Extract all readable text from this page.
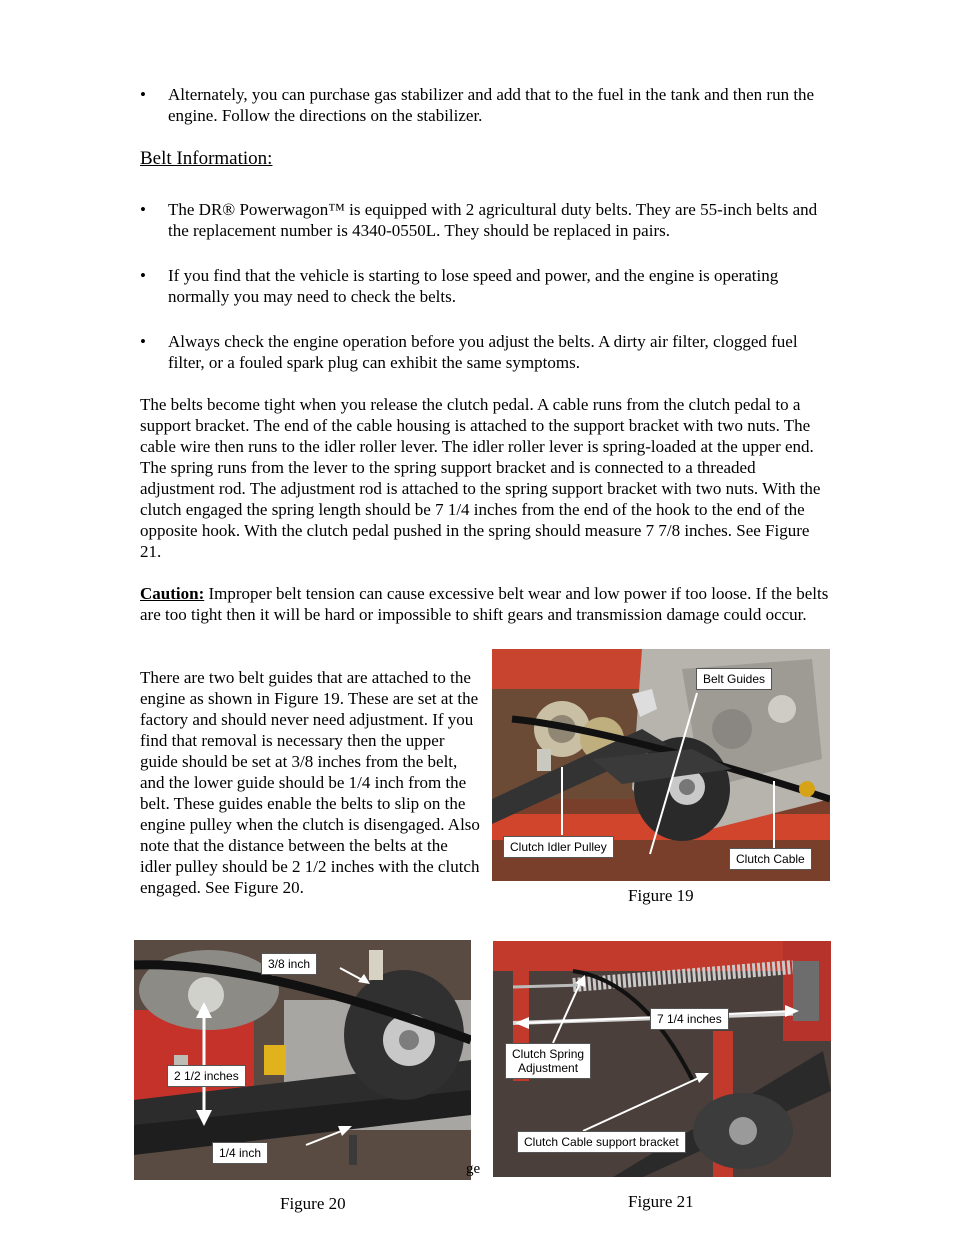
•	Alternately, you can purchase gas stabilizer and add that to the fuel in the tank and then run the engine. Follow the directions on the stabilizer.
Belt Information:
•	The DR® Powerwagon™ is equipped with 2 agricultural duty belts. They are 55-inch belts and the replacement number is 4340-0550L. They should be replaced in pairs.
•	If you find that the vehicle is starting to lose speed and power, and the engine is operating normally you may need to check the belts.
•	Always check the engine operation before you adjust the belts. A dirty air filter, clogged fuel filter, or a fouled spark plug can exhibit the same symptoms.
The belts become tight when you release the clutch pedal. A cable runs from the clutch pedal to a support bracket. The end of the cable housing is attached to the support bracket with two nuts. The cable wire then runs to the idler roller lever. The idler roller lever is spring-loaded at the upper end. The spring runs from the lever to the spring support bracket and is connected to a threaded adjustment rod. The adjustment rod is attached to the spring support bracket with two nuts. With the clutch engaged the spring length should be 7 1/4 inches from the end of the hook to the end of the opposite hook. With the clutch pedal pushed in the spring should measure 7 7/8 inches. See Figure 21.
Caution: Improper belt tension can cause excessive belt wear and low power if too loose. If the belts are too tight then it will be hard or impossible to shift gears and transmission damage could occur.
There are two belt guides that are attached to the engine as shown in Figure 19. These are set at the factory and should never need adjustment. If you find that removal is necessary then the upper guide should be set at 3/8 inches from the belt, and the lower guide should be 1/4 inch from the belt. These guides enable the belts to slip on the engine pulley when the clutch is disengaged. Also note that the distance between the belts at the idler pulley should be 2 1/2 inches with the clutch engaged. See Figure 20.
Belt Guides
Clutch Idler Pulley
Clutch Cable
Figure 19
3/8 inch
2 1/2 inches
1/4 inch
Figure 20
ge
7 1/4 inches
Clutch Spring
Adjustment
Clutch Cable support bracket
Figure 21
